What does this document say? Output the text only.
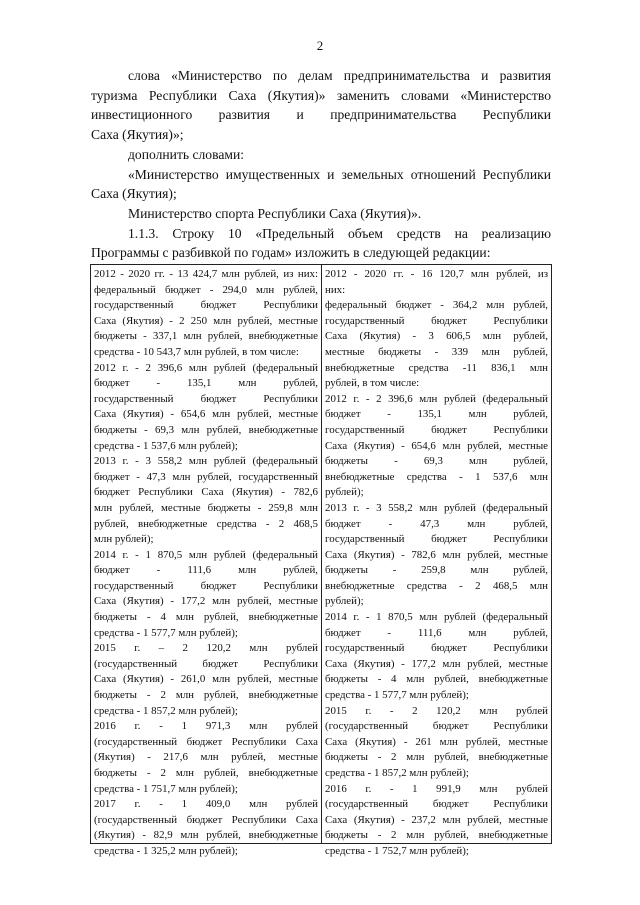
2

слова «Министерство по делам предпринимательства и развития

туризма Республики Саха (Якутия)» заменить словами «Министерство

инвестиционного развития и предпринимательства Республики

Саха (Якутия)»;

дополнить словами:

«Министерство имущественных и земельных отношений Республики

Саха (Якутия);

Министерство спорта Республики Саха (Якутия)».

1.1.3. Строку 10 «Предельный объем средств на реализацию

Программы с разбивкой по годам» изложить в следующей редакции:

2012 - 2020 гг. - 13 424,7 млн рублей, из них:

федеральный бюджет - 294,0 млн рублей,

государственный бюджет Республики

Саха (Якутия) - 2 250 млн рублей, местные

бюджеты - 337,1 млн рублей, внебюджетные

средства - 10 543,7 млн рублей, в том числе:

2012 г. - 2 396,6 млн рублей (федеральный

бюджет - 135,1 млн рублей,

государственный бюджет Республики

Саха (Якутия) - 654,6 млн рублей, местные

бюджеты - 69,3 млн рублей, внебюджетные

средства - 1 537,6 млн рублей);

2013 г. - 3 558,2 млн рублей (федеральный

бюджет - 47,3 млн рублей, государственный

бюджет Республики Саха (Якутия) - 782,6

млн рублей, местные бюджеты - 259,8 млн

рублей, внебюджетные средства - 2 468,5

млн рублей);

2014 г. - 1 870,5 млн рублей (федеральный

бюджет - 111,6 млн рублей,

государственный бюджет Республики

Саха (Якутия) - 177,2 млн рублей, местные

бюджеты - 4 млн рублей, внебюджетные

средства - 1 577,7 млн рублей);

2015 г. – 2 120,2 млн рублей

(государственный бюджет Республики

Саха (Якутия) - 261,0 млн рублей, местные

бюджеты - 2 млн рублей, внебюджетные

средства - 1 857,2 млн рублей);

2016 г. - 1 971,3 млн рублей

(государственный бюджет Республики Саха

(Якутия) - 217,6 млн рублей, местные

бюджеты - 2 млн рублей, внебюджетные

средства - 1 751,7 млн рублей);

2017 г. - 1 409,0 млн рублей

(государственный бюджет Республики Саха

(Якутия) - 82,9 млн рублей, внебюджетные

средства - 1 325,2 млн рублей);

2012 - 2020 гг. - 16 120,7 млн рублей, из

них:

федеральный бюджет - 364,2 млн рублей,

государственный бюджет Республики

Саха (Якутия) - 3 606,5 млн рублей,

местные бюджеты - 339 млн рублей,

внебюджетные средства -11 836,1 млн

рублей, в том числе:

2012 г. - 2 396,6 млн рублей (федеральный

бюджет - 135,1 млн рублей,

государственный бюджет Республики

Саха (Якутия) - 654,6 млн рублей, местные

бюджеты - 69,3 млн рублей,

внебюджетные средства - 1 537,6 млн

рублей);

2013 г. - 3 558,2 млн рублей (федеральный

бюджет - 47,3 млн рублей,

государственный бюджет Республики

Саха (Якутия) - 782,6 млн рублей, местные

бюджеты - 259,8 млн рублей,

внебюджетные средства - 2 468,5 млн

рублей);

2014 г. - 1 870,5 млн рублей (федеральный

бюджет - 111,6 млн рублей,

государственный бюджет Республики

Саха (Якутия) - 177,2 млн рублей, местные

бюджеты - 4 млн рублей, внебюджетные

средства - 1 577,7 млн рублей);

2015 г. - 2 120,2 млн рублей

(государственный бюджет Республики

Саха (Якутия) - 261 млн рублей, местные

бюджеты - 2 млн рублей, внебюджетные

средства - 1 857,2 млн рублей);

2016 г. - 1 991,9 млн рублей

(государственный бюджет Республики

Саха (Якутия) - 237,2 млн рублей, местные

бюджеты - 2 млн рублей, внебюджетные

средства - 1 752,7 млн рублей);
